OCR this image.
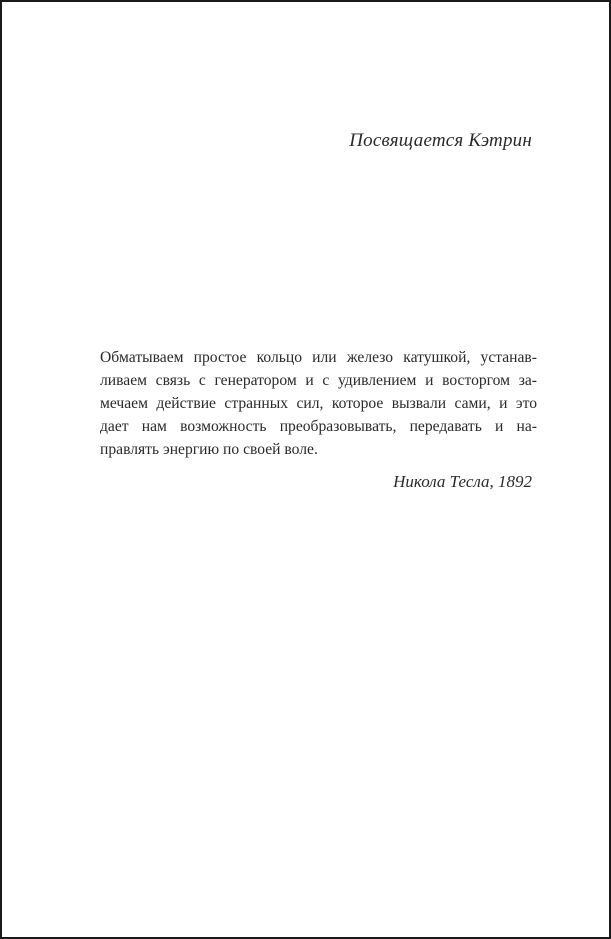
Посвящается Кэтрин
Обматываем простое кольцо или железо катушкой, устанав-
ливаем связь с генератором и с удивлением и восторгом за-
мечаем действие странных сил, которое вызвали сами, и это
дает нам возможность преобразовывать, передавать и на-
правлять энергию по своей воле.
Никола Тесла, 1892
